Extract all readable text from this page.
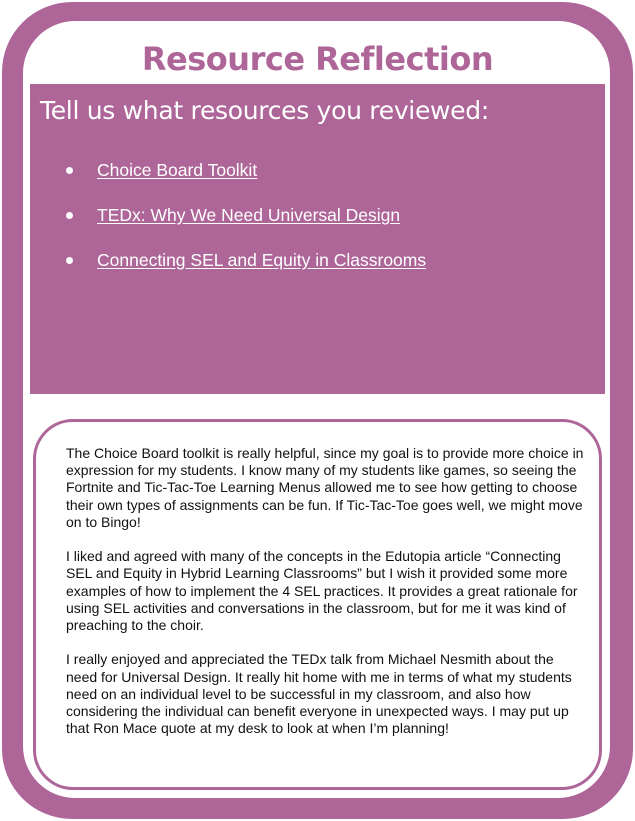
Resource Reflection
Tell us what resources you reviewed:
Choice Board Toolkit
TEDx: Why We Need Universal Design
Connecting SEL and Equity in Classrooms

The Choice Board toolkit is really helpful, since my goal is to provide more choice in expression for my students. I know many of my students like games, so seeing the Fortnite and Tic-Tac-Toe Learning Menus allowed me to see how getting to choose their own types of assignments can be fun. If Tic-Tac-Toe goes well, we might move on to Bingo!

I liked and agreed with many of the concepts in the Edutopia article “Connecting SEL and Equity in Hybrid Learning Classrooms” but I wish it provided some more examples of how to implement the 4 SEL practices. It provides a great rationale for using SEL activities and conversations in the classroom, but for me it was kind of preaching to the choir.

I really enjoyed and appreciated the TEDx talk from Michael Nesmith about the need for Universal Design. It really hit home with me in terms of what my students need on an individual level to be successful in my classroom, and also how considering the individual can benefit everyone in unexpected ways. I may put up that Ron Mace quote at my desk to look at when I’m planning!
